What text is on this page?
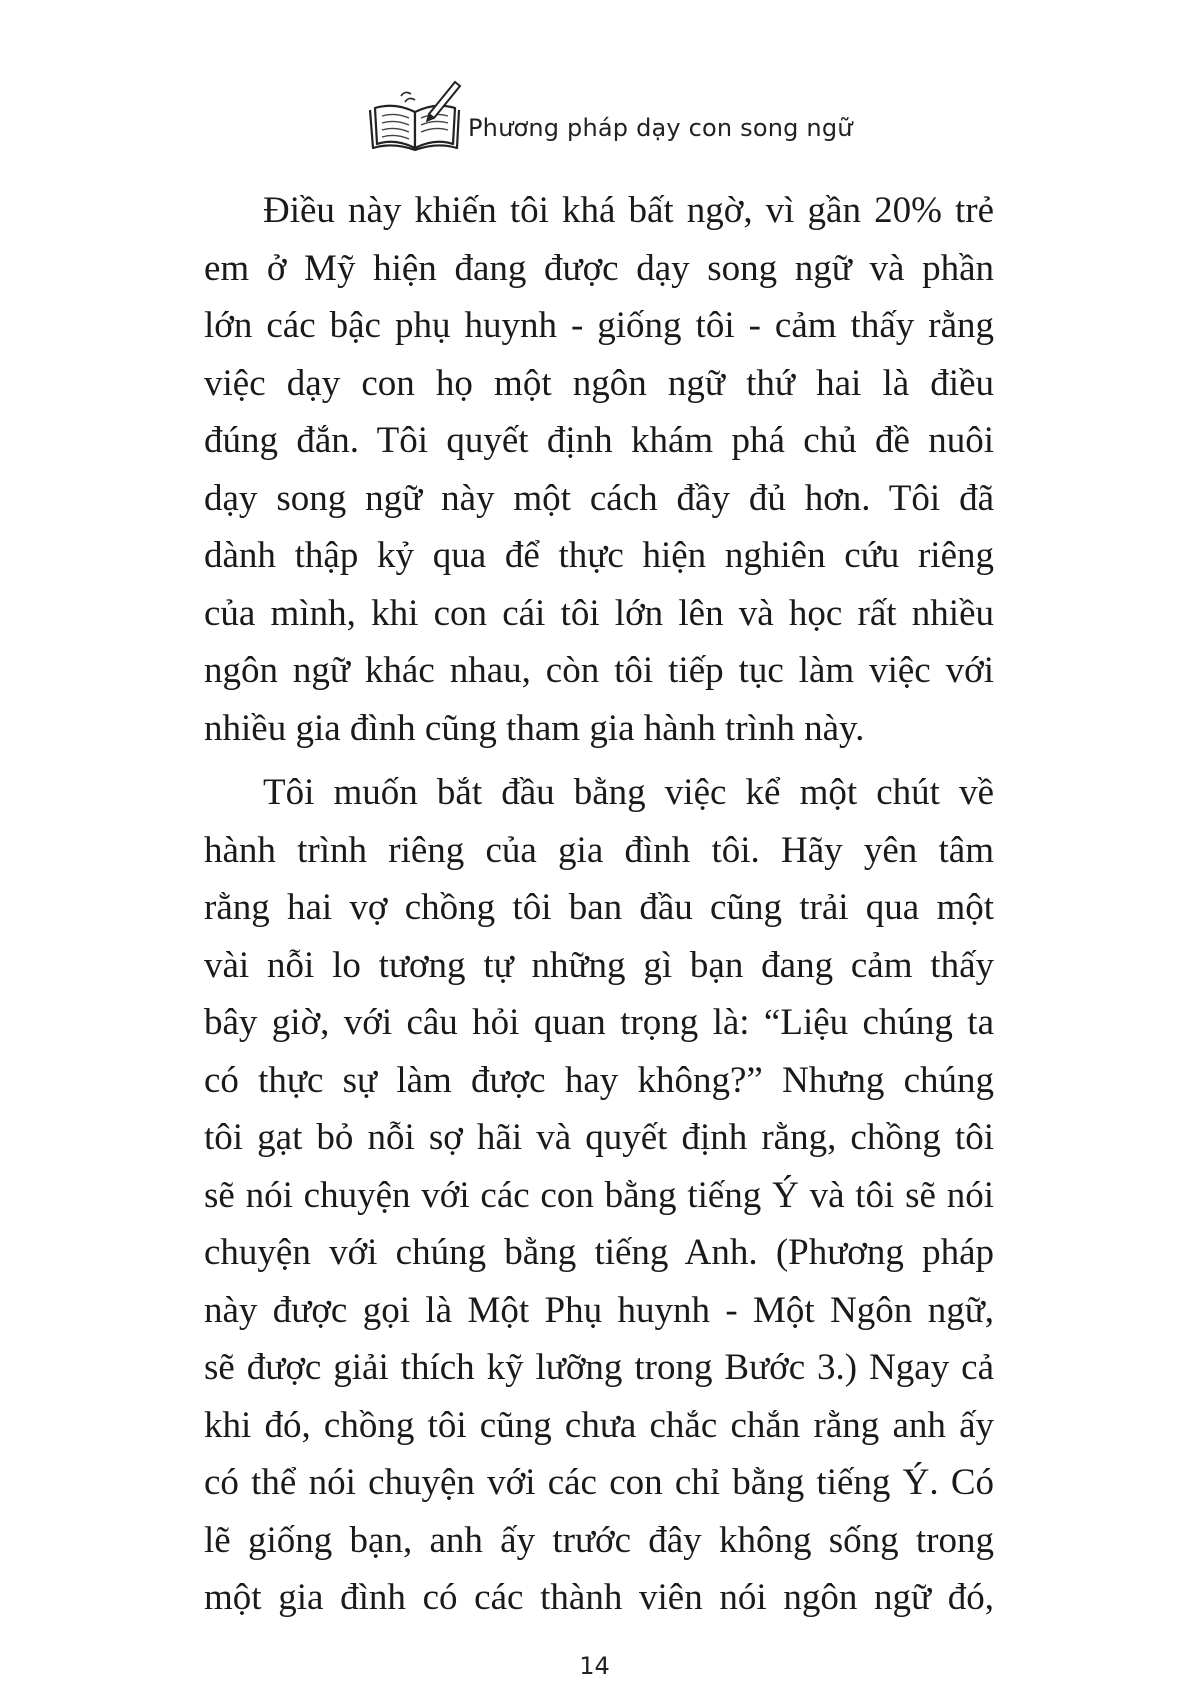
Phương pháp dạy con song ngữ

Điều này khiến tôi khá bất ngờ, vì gần 20% trẻ
em ở Mỹ hiện đang được dạy song ngữ và phần
lớn các bậc phụ huynh - giống tôi - cảm thấy rằng
việc dạy con họ một ngôn ngữ thứ hai là điều
đúng đắn. Tôi quyết định khám phá chủ đề nuôi
dạy song ngữ này một cách đầy đủ hơn. Tôi đã
dành thập kỷ qua để thực hiện nghiên cứu riêng
của mình, khi con cái tôi lớn lên và học rất nhiều
ngôn ngữ khác nhau, còn tôi tiếp tục làm việc với
nhiều gia đình cũng tham gia hành trình này.

Tôi muốn bắt đầu bằng việc kể một chút về
hành trình riêng của gia đình tôi. Hãy yên tâm
rằng hai vợ chồng tôi ban đầu cũng trải qua một
vài nỗi lo tương tự những gì bạn đang cảm thấy
bây giờ, với câu hỏi quan trọng là: “Liệu chúng ta
có thực sự làm được hay không?” Nhưng chúng
tôi gạt bỏ nỗi sợ hãi và quyết định rằng, chồng tôi
sẽ nói chuyện với các con bằng tiếng Ý và tôi sẽ nói
chuyện với chúng bằng tiếng Anh. (Phương pháp
này được gọi là Một Phụ huynh - Một Ngôn ngữ,
sẽ được giải thích kỹ lưỡng trong Bước 3.) Ngay cả
khi đó, chồng tôi cũng chưa chắc chắn rằng anh ấy
có thể nói chuyện với các con chỉ bằng tiếng Ý. Có
lẽ giống bạn, anh ấy trước đây không sống trong
một gia đình có các thành viên nói ngôn ngữ đó,

14
